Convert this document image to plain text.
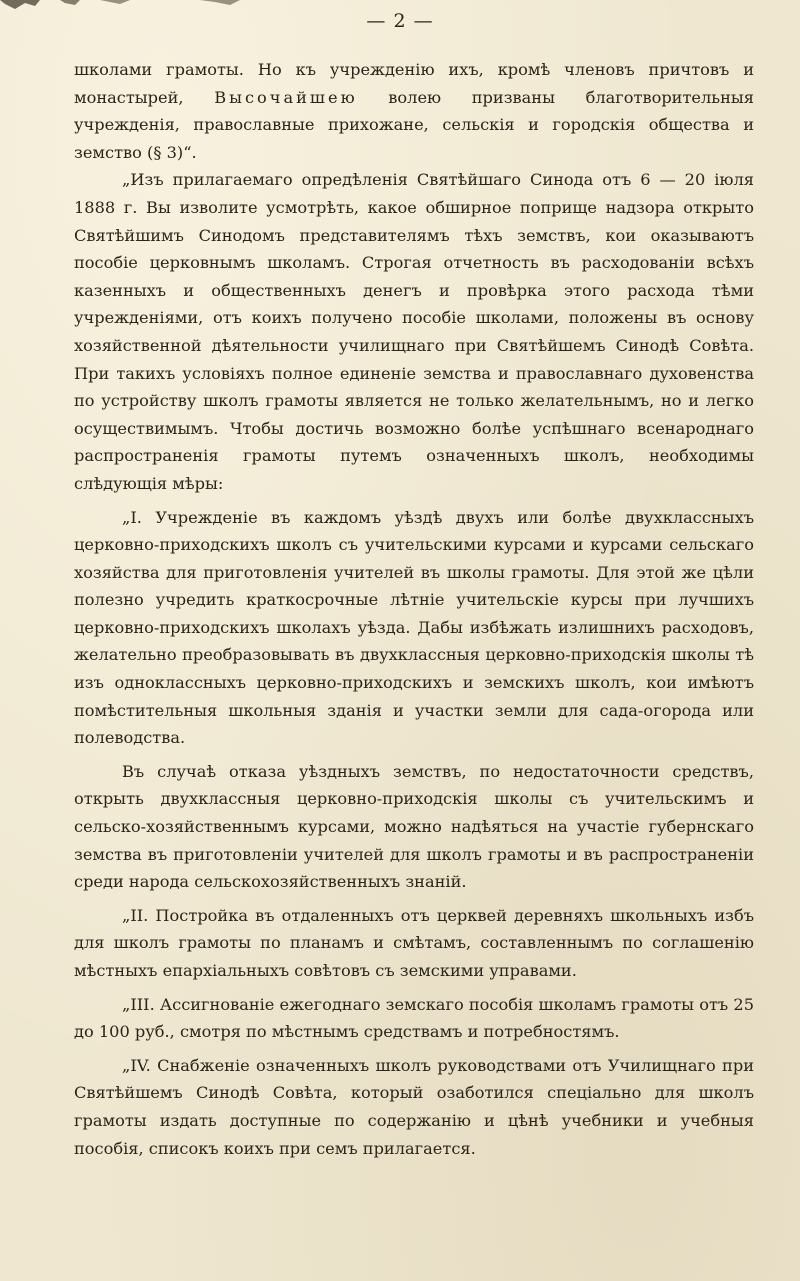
— 2 —

школами грамоты. Но къ учрежденію ихъ, кромѣ членовъ причтовъ и монастырей, Высочайшею волею призваны благотворительныя учрежденія, православные прихожане, сельскія и городскія общества и земство (§ 3)“.

„Изъ прилагаемаго опредѣленія Святѣйшаго Синода отъ 6 — 20 іюля 1888 г. Вы изволите усмотрѣть, какое обширное поприще надзора открыто Святѣйшимъ Синодомъ представителямъ тѣхъ земствъ, кои оказываютъ пособіе церковнымъ школамъ. Строгая отчетность въ расходованіи всѣхъ казенныхъ и общественныхъ денегъ и провѣрка этого расхода тѣми учрежденіями, отъ коихъ получено пособіе школами, положены въ основу хозяйственной дѣятельности училищнаго при Святѣйшемъ Синодѣ Совѣта. При такихъ условіяхъ полное единеніе земства и православнаго духовенства по устройству школъ грамоты является не только желательнымъ, но и легко осуществимымъ. Чтобы достичь возможно болѣе успѣшнаго всенароднаго распространенія грамоты путемъ означенныхъ школъ, необходимы слѣдующія мѣры:

„I. Учрежденіе въ каждомъ уѣздѣ двухъ или болѣе двухклассныхъ церковно-приходскихъ школъ съ учительскими курсами и курсами сельскаго хозяйства для приготовленія учителей въ школы грамоты. Для этой же цѣли полезно учредить краткосрочные лѣтніе учительскіе курсы при лучшихъ церковно-приходскихъ школахъ уѣзда. Дабы избѣжать излишнихъ расходовъ, желательно преобразовывать въ двухклассныя церковно-приходскія школы тѣ изъ одноклассныхъ церковно-приходскихъ и земскихъ школъ, кои имѣютъ помѣстительныя школьныя зданія и участки земли для сада-огорода или полеводства.

Въ случаѣ отказа уѣздныхъ земствъ, по недостаточности средствъ, открыть двухклассныя церковно-приходскія школы съ учительскимъ и сельско-хозяйственнымъ курсами, можно надѣяться на участіе губернскаго земства въ приготовленіи учителей для школъ грамоты и въ распространеніи среди народа сельскохозяйственныхъ знаній.

„II. Постройка въ отдаленныхъ отъ церквей деревняхъ школьныхъ избъ для школъ грамоты по планамъ и смѣтамъ, составленнымъ по соглашенію мѣстныхъ епархіальныхъ совѣтовъ съ земскими управами.

„III. Ассигнованіе ежегоднаго земскаго пособія школамъ грамоты отъ 25 до 100 руб., смотря по мѣстнымъ средствамъ и потребностямъ.

„IV. Снабженіе означенныхъ школъ руководствами отъ Училищнаго при Святѣйшемъ Синодѣ Совѣта, который озаботился спеціально для школъ грамоты издать доступные по содержанію и цѣнѣ учебники и учебныя пособія, списокъ коихъ при семъ прилагается.
